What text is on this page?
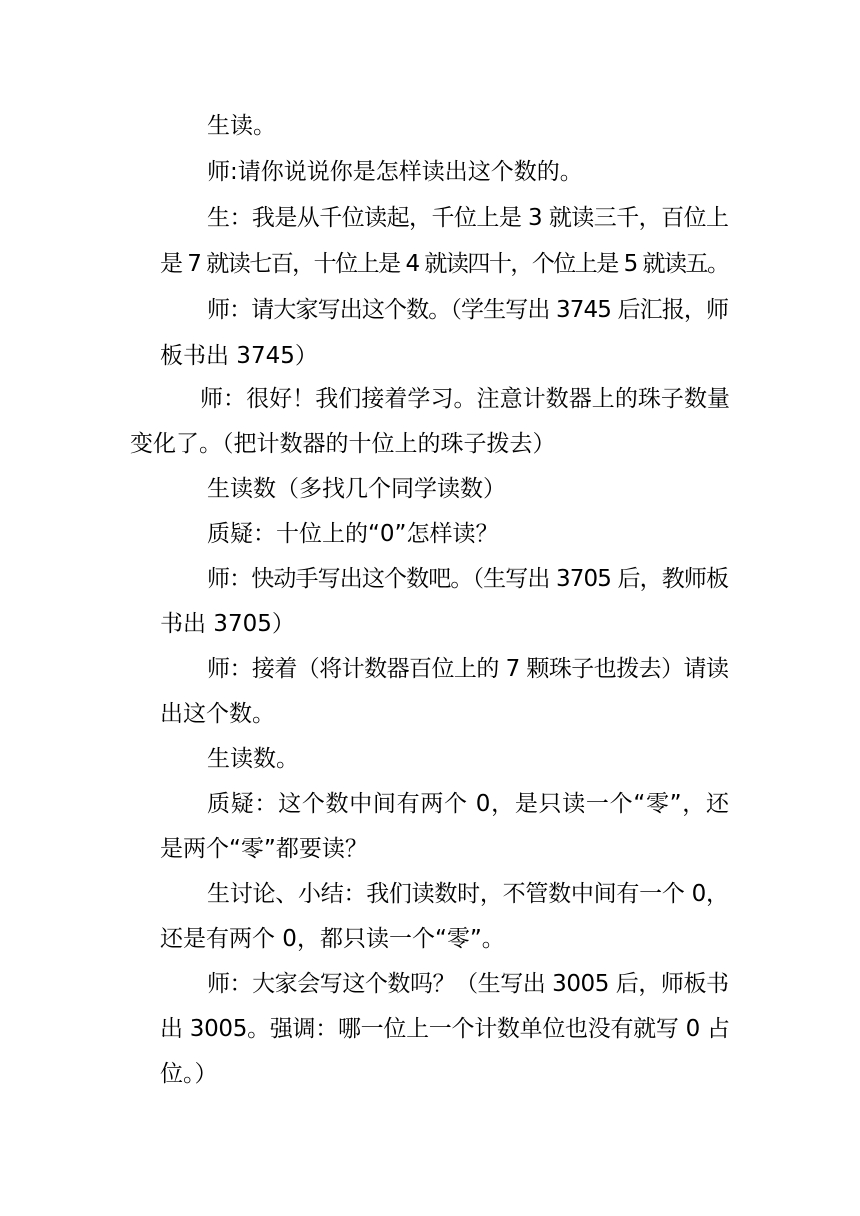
生读。
师:请你说说你是怎样读出这个数的。
生：我是从千位读起，千位上是 3 就读三千，百位上
是 7 就读七百，十位上是 4 就读四十，个位上是 5 就读五。
师：请大家写出这个数。（学生写出 3745 后汇报，师
板书出 3745）
师：很好！我们接着学习。注意计数器上的珠子数量
变化了。（把计数器的十位上的珠子拨去）
生读数（多找几个同学读数）
质疑：十位上的“0”怎样读？
师：快动手写出这个数吧。（生写出 3705 后，教师板
书出 3705）
师：接着（将计数器百位上的 7 颗珠子也拨去）请读
出这个数。
生读数。
质疑：这个数中间有两个 0，是只读一个“零”，还
是两个“零”都要读？
生讨论、小结：我们读数时，不管数中间有一个 0，
还是有两个 0，都只读一个“零”。
师：大家会写这个数吗？（生写出 3005 后，师板书
出 3005。强调：哪一位上一个计数单位也没有就写 0 占
位。）
